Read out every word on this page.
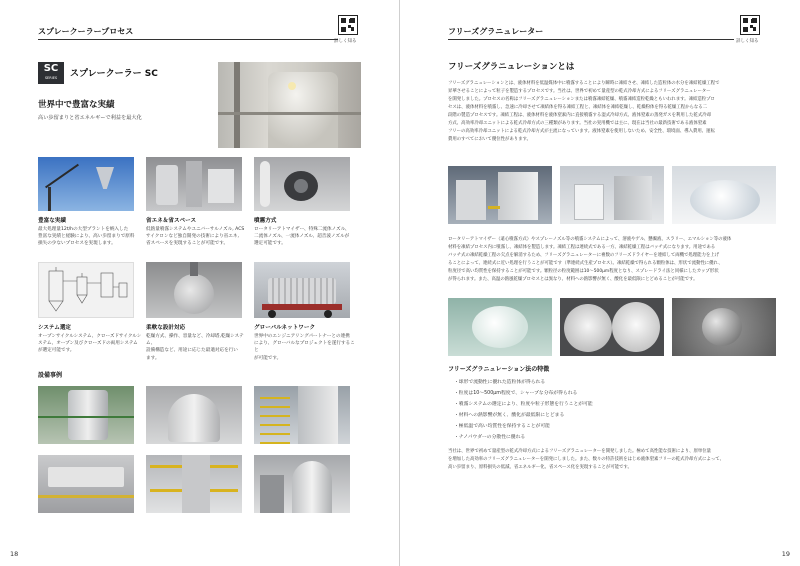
スプレークーラープロセス
詳しく知る
SC
SERIES	スプレークーラー SC
世界中で豊富な実績
高い歩留まりと省エネルギーで利益を最大化
豊富な実績
最大処理量12t/hの大型プラントを納入した
豊富な実績と経験により、高い歩留まりで原料
損失の少ないプロセスを実現します。
省エネ＆省スペース
低熱量噴霧システムやユニバーサルノズル, ACS
サイクロンなど独自開発の技術により省エネ,
省スペースを実現することが可能です。
噴霧方式
ロータリーアトマイザー、特殊二流体ノズル、
二流体ノズル、一流体ノズル、超音波ノズルが
選定可能です。
システム選定
オープンサイクルシステム、クローズドサイクルシ
ステム、オープン及びクローズドの両用システム
が選定可能です。
柔軟な設計対応
乾燥方式、操作、容量など、冷却塔,乾燥システム、
設備構造など、用途に応じた最適対応を行い
ます。
グローバルネットワーク
世界中のエンジニアリングパートナーとの連携
により、グローバルなプロジェクトを遂行すること
が可能です。
設備事例
18
フリーズグラニュレーター
詳しく知る
フリーズグラニュレーションとは
フリーズグラニュレーションとは、液体材料を低温媒体中に噴霧することにより瞬時に凍結させ、凍結した造粒体の水分を凍結乾燥工程で
昇華させることによって粒子を製造するプロセスです。当社は、世界で初めて量産型の乾式冷却方式によるフリーズグラニュレーター
を開発しました。プロセスの名称はフリーズグラニュレーションまたは噴霧凍結乾燥、噴霧凍結造粒乾燥ともいわれます。凍結造粒プロ
セスは、液体材料を噴霧し、急速に冷却させて凍結体を得る凍結工程と、凍結体を凍結乾燥し、乾燥粉体を得る乾燥工程からなる二
段階の製造プロセスです。凍結工程は、液体材料を液体窒素内に直接噴霧する湿式冷却方式、液体窒素の蒸発ガスを利用した乾式冷却
方式、高効率冷却ユニットによる乾式冷却方式の三種類があります。当社の実用機では主に、現在は当社の最新技術である液体窒素
フリーの高効率冷却ユニットによる乾式冷却方式が主流になっています。液体窒素を使用しないため、安全性、環境面、導入費用、運転
費用のすべてにおいて優位性があります。
ロータリーアトマイザー（遠心噴霧方式）やスプレーノズル等の噴霧システムによって、溶液やゲル、懸濁液、スラリー、エマルション等の液体
材料を凍結プロセス内に噴霧し、凍結体を製造します。凍結工程は連続式である一方、凍結乾燥工程はバッチ式になります。用途である
バッチ式の凍結乾燥工程の欠点を解消するため、フリーズグラニュレーターに複数のフリーズドライヤーを連結して両機で処理能力を上げ
ることによって、連続式に近い処理を行うことが可能です（準連続式生産プロセス）。凍結乾燥で得られる顆粒体は、形状で流動性に優れ、
粒度径で高い均質性を保持することが可能です。顆粒径の粒度範囲は10～500μm程度となり、スプレードライ法と同様にしたカップ形状
が得られます。また、高温の熱風乾燥プロセスとは異なり、材料への熱影響が無く、酸化を最低限にとどめることが可能です。
フリーズグラニュレーション法の特徴
・球形で流動性に優れた造粒体が得られる
・粒度は10～500μm程度で、シャープな分布が得られる
・噴霧システムの選定により、粒度や粒子形態を行うことが可能
・材料への熱影響が無く、酸化が最低限にとどまる
・極低温で高い均質性を保持することが可能
・ナノパウダーの分散性に優れる
当社は、世界で初めて量産型の乾式冷却方式によるフリーズグラニュレーターを開発しました。極めて高性能な技術により、原単位量
を増加した高効率のフリーズグラニュレーターを開発にしました。また、数々の特許技術をはじめ液体窒素フリーの乾式冷却方式によって、
高い歩留まり、原料損失の低減、省エネルギー化、省スペース化を実現することが可能です。
19
